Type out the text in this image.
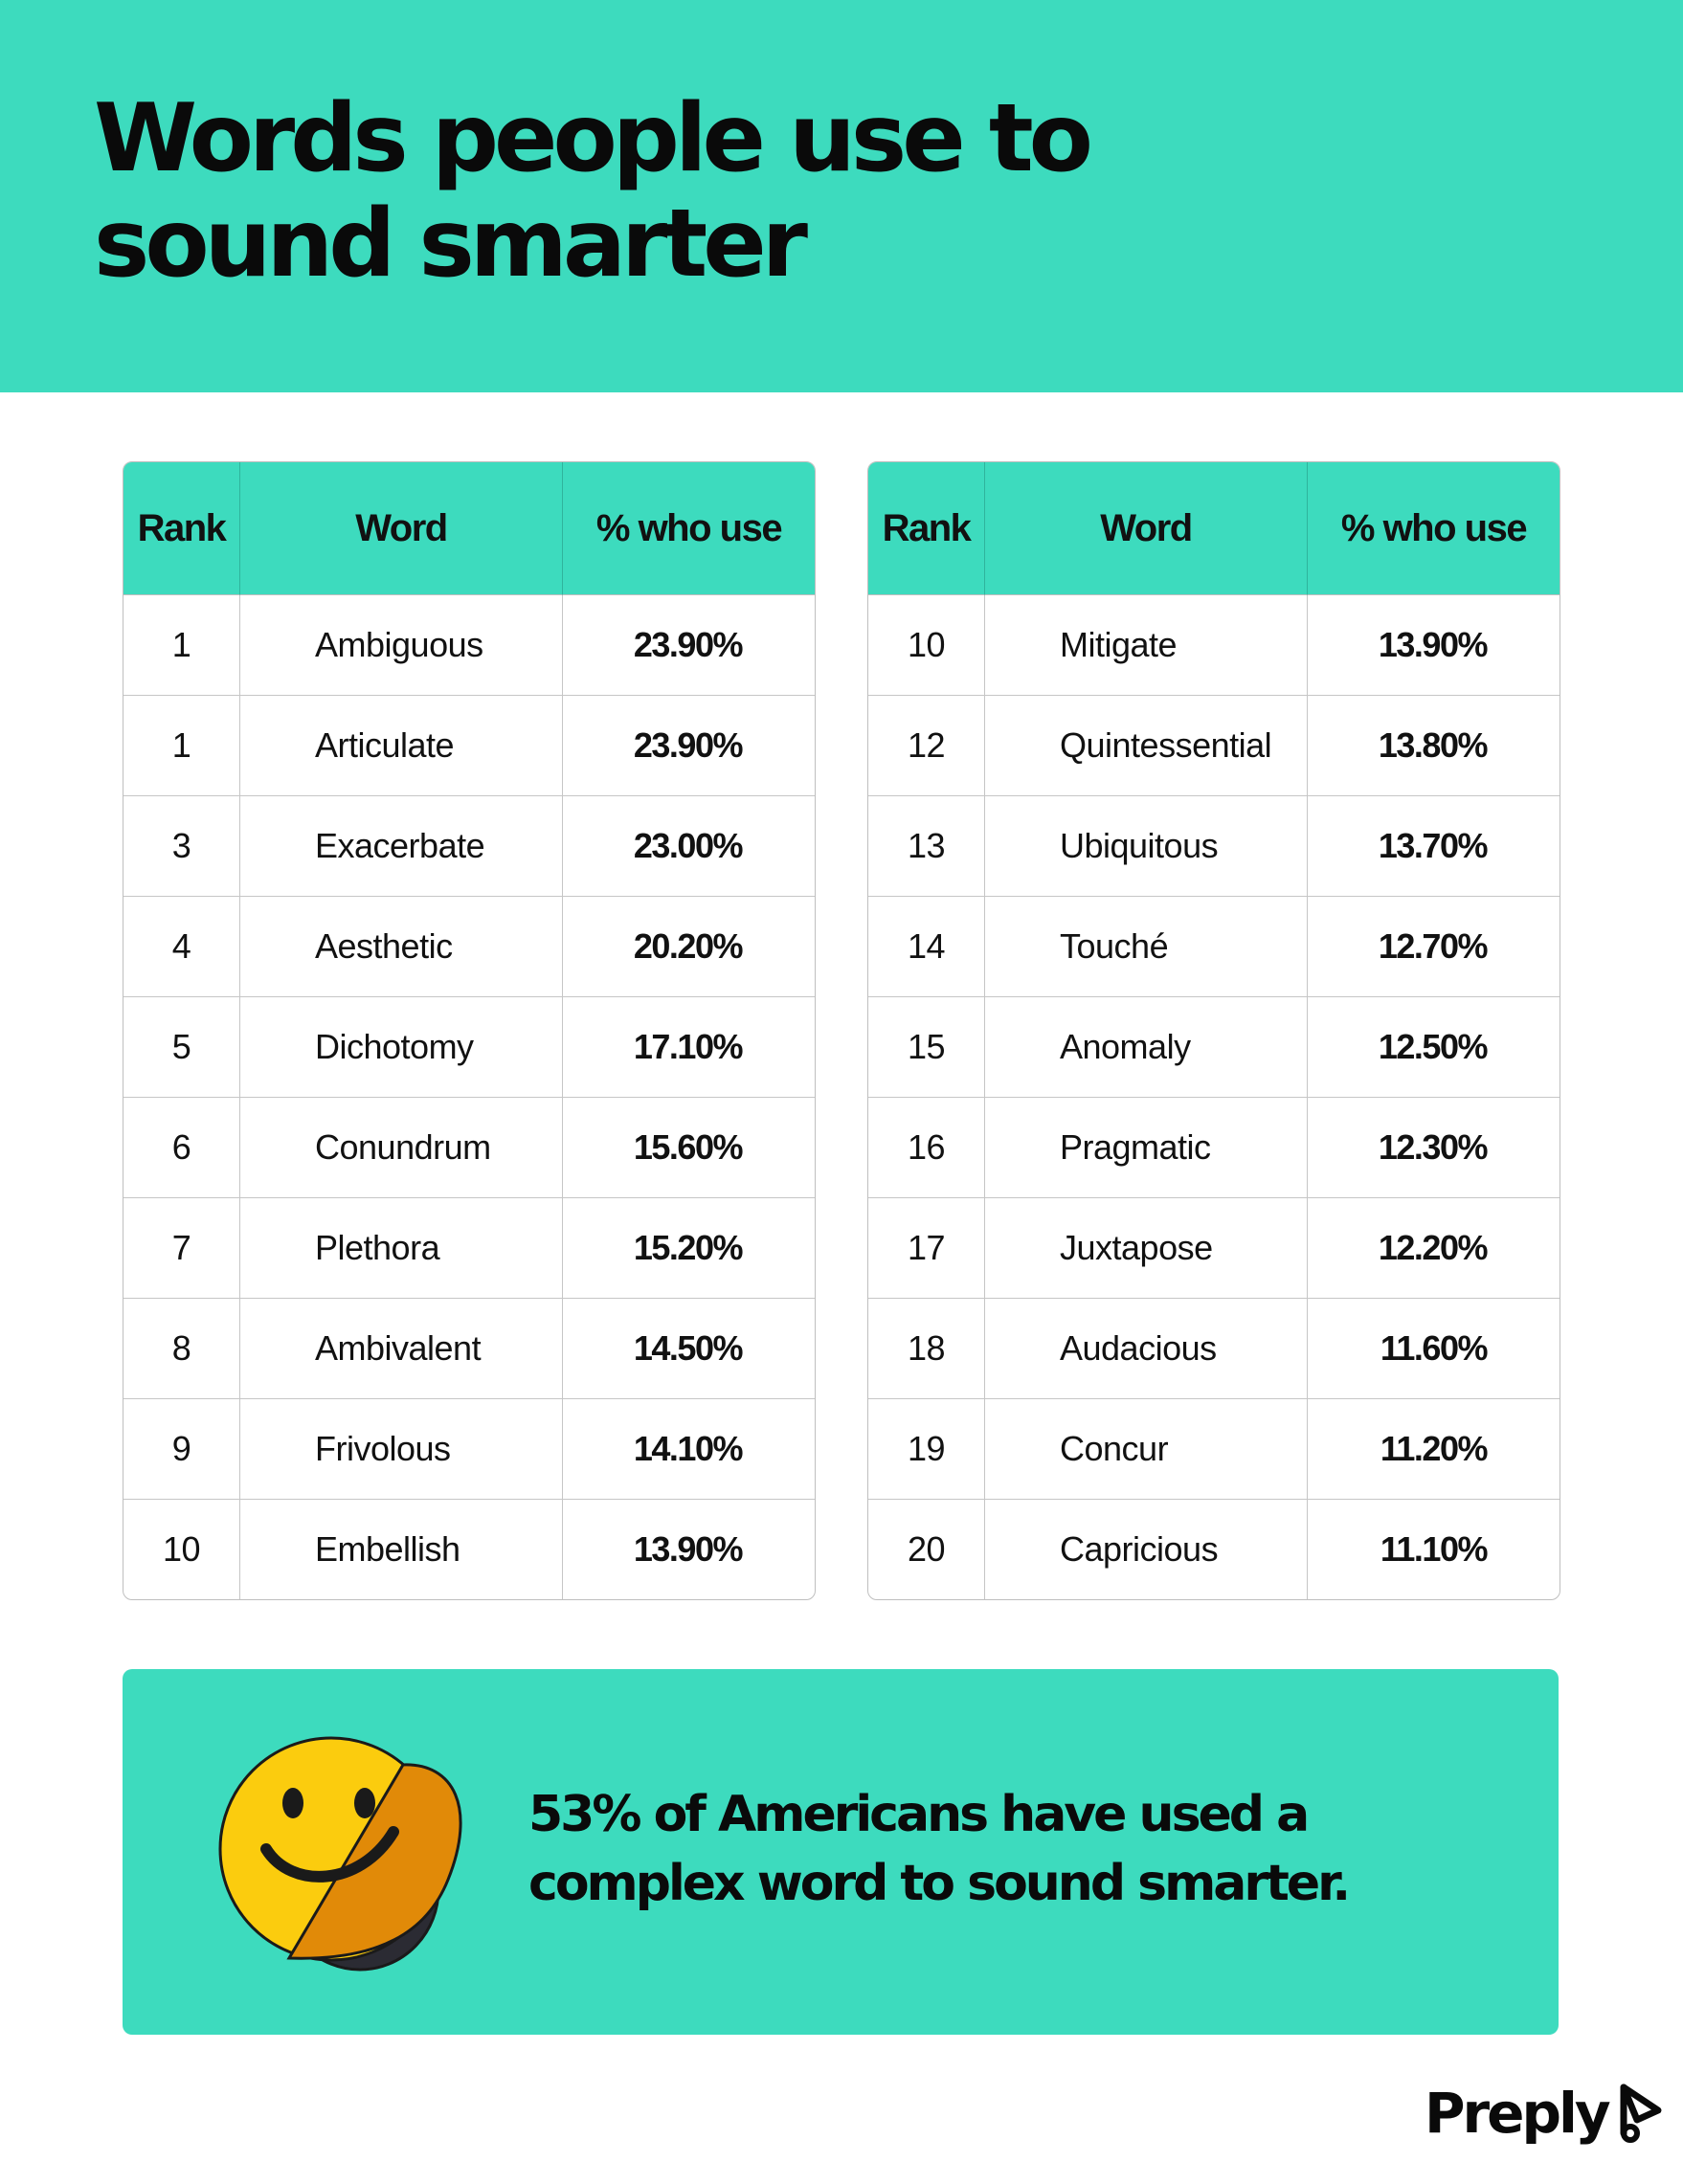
Words people use to sound smarter
Rank	Word	% who use
1	Ambiguous	23.90%
1	Articulate	23.90%
3	Exacerbate	23.00%
4	Aesthetic	20.20%
5	Dichotomy	17.10%
6	Conundrum	15.60%
7	Plethora	15.20%
8	Ambivalent	14.50%
9	Frivolous	14.10%
10	Embellish	13.90%
Rank	Word	% who use
10	Mitigate	13.90%
12	Quintessential	13.80%
13	Ubiquitous	13.70%
14	Touché	12.70%
15	Anomaly	12.50%
16	Pragmatic	12.30%
17	Juxtapose	12.20%
18	Audacious	11.60%
19	Concur	11.20%
20	Capricious	11.10%

53% of Americans have used a complex word to sound smarter.

Preply
